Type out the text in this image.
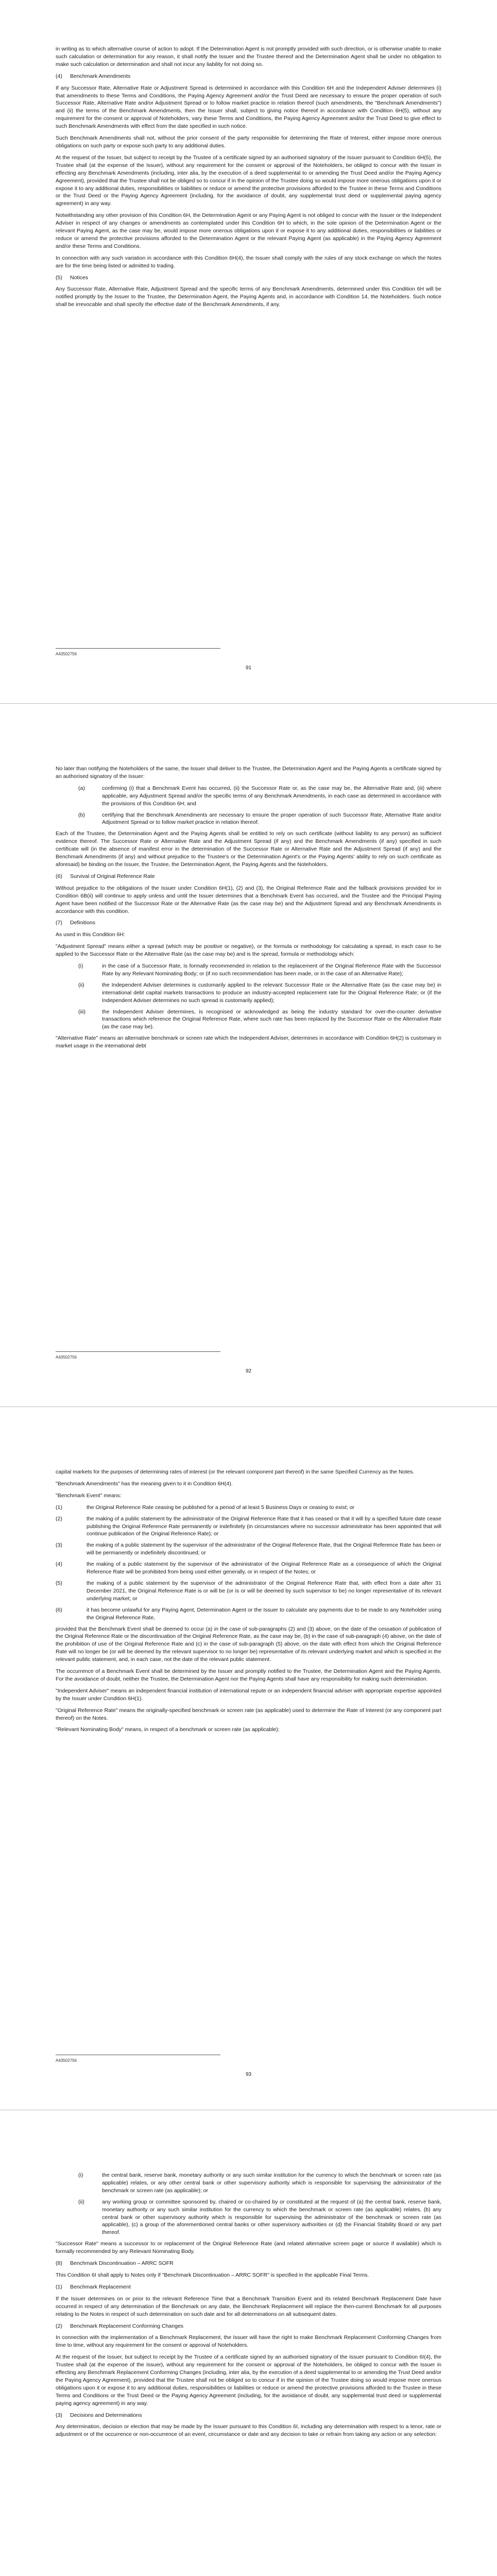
in writing as to which alternative course of action to adopt. If the Determination Agent is not promptly provided with such direction, or is otherwise unable to make such calculation or determination for any reason, it shall notify the Issuer and the Trustee thereof and the Determination Agent shall be under no obligation to make such calculation or determination and shall not incur any liability for not doing so.

(4) Benchmark Amendments

If any Successor Rate, Alternative Rate or Adjustment Spread is determined in accordance with this Condition 6H and the Independent Adviser determines (i) that amendments to these Terms and Conditions, the Paying Agency Agreement and/or the Trust Deed are necessary to ensure the proper operation of such Successor Rate, Alternative Rate and/or Adjustment Spread or to follow market practice in relation thereof (such amendments, the "Benchmark Amendments") and (ii) the terms of the Benchmark Amendments, then the Issuer shall, subject to giving notice thereof in accordance with Condition 6H(5), without any requirement for the consent or approval of Noteholders, vary these Terms and Conditions, the Paying Agency Agreement and/or the Trust Deed to give effect to such Benchmark Amendments with effect from the date specified in such notice.

Such Benchmark Amendments shall not, without the prior consent of the party responsible for determining the Rate of Interest, either impose more onerous obligations on such party or expose such party to any additional duties.

At the request of the Issuer, but subject to receipt by the Trustee of a certificate signed by an authorised signatory of the Issuer pursuant to Condition 6H(5), the Trustee shall (at the expense of the Issuer), without any requirement for the consent or approval of the Noteholders, be obliged to concur with the Issuer in effecting any Benchmark Amendments (including, inter alia, by the execution of a deed supplemental to or amending the Trust Deed and/or the Paying Agency Agreement), provided that the Trustee shall not be obliged so to concur if in the opinion of the Trustee doing so would impose more onerous obligations upon it or expose it to any additional duties, responsibilities or liabilities or reduce or amend the protective provisions afforded to the Trustee in these Terms and Conditions or the Trust Deed or the Paying Agency Agreement (including, for the avoidance of doubt, any supplemental trust deed or supplemental paying agency agreement) in any way.

Notwithstanding any other provision of this Condition 6H, the Determination Agent or any Paying Agent is not obliged to concur with the Issuer or the Independent Adviser in respect of any changes or amendments as contemplated under this Condition 6H to which, in the sole opinion of the Determination Agent or the relevant Paying Agent, as the case may be, would impose more onerous obligations upon it or expose it to any additional duties, responsibilities or liabilities or reduce or amend the protective provisions afforded to the Determination Agent or the relevant Paying Agent (as applicable) in the Paying Agency Agreement and/or these Terms and Conditions.

In connection with any such variation in accordance with this Condition 6H(4), the Issuer shall comply with the rules of any stock exchange on which the Notes are for the time being listed or admitted to trading.

(5) Notices

Any Successor Rate, Alternative Rate, Adjustment Spread and the specific terms of any Benchmark Amendments, determined under this Condition 6H will be notified promptly by the Issuer to the Trustee, the Determination Agent, the Paying Agents and, in accordance with Condition 14, the Noteholders. Such notice shall be irrevocable and shall specify the effective date of the Benchmark Amendments, if any.

A43502756
91

No later than notifying the Noteholders of the same, the Issuer shall deliver to the Trustee, the Determination Agent and the Paying Agents a certificate signed by an authorised signatory of the Issuer:

(a)	confirming (i) that a Benchmark Event has occurred, (ii) the Successor Rate or, as the case may be, the Alternative Rate and, (iii) where applicable, any Adjustment Spread and/or the specific terms of any Benchmark Amendments, in each case as determined in accordance with the provisions of this Condition 6H; and
(b)	certifying that the Benchmark Amendments are necessary to ensure the proper operation of such Successor Rate, Alternative Rate and/or Adjustment Spread or to follow market practice in relation thereof.

Each of the Trustee, the Determination Agent and the Paying Agents shall be entitled to rely on such certificate (without liability to any person) as sufficient evidence thereof. The Successor Rate or Alternative Rate and the Adjustment Spread (if any) and the Benchmark Amendments (if any) specified in such certificate will (in the absence of manifest error in the determination of the Successor Rate or Alternative Rate and the Adjustment Spread (if any) and the Benchmark Amendments (if any) and without prejudice to the Trustee's or the Determination Agent's or the Paying Agents' ability to rely on such certificate as aforesaid) be binding on the Issuer, the Trustee, the Determination Agent, the Paying Agents and the Noteholders.

(6) Survival of Original Reference Rate

Without prejudice to the obligations of the Issuer under Condition 6H(1), (2) and (3), the Original Reference Rate and the fallback provisions provided for in Condition 6B(ii) will continue to apply unless and until the Issuer determines that a Benchmark Event has occurred, and the Trustee and the Principal Paying Agent have been notified of the Successor Rate or the Alternative Rate (as the case may be) and the Adjustment Spread and any Benchmark Amendments in accordance with this condition.

(7) Definitions

As used in this Condition 6H:

"Adjustment Spread" means either a spread (which may be positive or negative), or the formula or methodology for calculating a spread, in each case to be applied to the Successor Rate or the Alternative Rate (as the case may be) and is the spread, formula or methodology which:

(i)	in the case of a Successor Rate, is formally recommended in relation to the replacement of the Original Reference Rate with the Successor Rate by any Relevant Nominating Body; or (if no such recommendation has been made, or in the case of an Alternative Rate);
(ii)	the Independent Adviser determines is customarily applied to the relevant Successor Rate or the Alternative Rate (as the case may be) in international debt capital markets transactions to produce an industry-accepted replacement rate for the Original Reference Rate; or (if the Independent Adviser determines no such spread is customarily applied);
(iii)	the Independent Adviser determines, is recognised or acknowledged as being the industry standard for over-the-counter derivative transactions which reference the Original Reference Rate, where such rate has been replaced by the Successor Rate or the Alternative Rate (as the case may be).

"Alternative Rate" means an alternative benchmark or screen rate which the Independent Adviser, determines in accordance with Condition 6H(2) is customary in market usage in the international debt

A43502756
92

capital markets for the purposes of determining rates of interest (or the relevant component part thereof) in the same Specified Currency as the Notes.

"Benchmark Amendments" has the meaning given to it in Condition 6H(4).

"Benchmark Event" means:

(1)	the Original Reference Rate ceasing be published for a period of at least 5 Business Days or ceasing to exist; or
(2)	the making of a public statement by the administrator of the Original Reference Rate that it has ceased or that it will by a specified future date cease publishing the Original Reference Rate permanently or indefinitely (in circumstances where no successor administrator has been appointed that will continue publication of the Original Reference Rate); or
(3)	the making of a public statement by the supervisor of the administrator of the Original Reference Rate, that the Original Reference Rate has been or will be permanently or indefinitely discontinued; or
(4)	the making of a public statement by the supervisor of the administrator of the Original Reference Rate as a consequence of which the Original Reference Rate will be prohibited from being used either generally, or in respect of the Notes; or
(5)	the making of a public statement by the supervisor of the administrator of the Original Reference Rate that, with effect from a date after 31 December 2021, the Original Reference Rate is or will be (or is or will be deemed by such supervisor to be) no longer representative of its relevant underlying market; or
(6)	it has become unlawful for any Paying Agent, Determination Agent or the Issuer to calculate any payments due to be made to any Noteholder using the Original Reference Rate,

provided that the Benchmark Event shall be deemed to occur (a) in the case of sub-paragraphs (2) and (3) above, on the date of the cessation of publication of the Original Reference Rate or the discontinuation of the Original Reference Rate, as the case may be, (b) in the case of sub-paragraph (4) above, on the date of the prohibition of use of the Original Reference Rate and (c) in the case of sub-paragraph (5) above, on the date with effect from which the Original Reference Rate will no longer be (or will be deemed by the relevant supervisor to no longer be) representative of its relevant underlying market and which is specified in the relevant public statement, and, in each case, not the date of the relevant public statement.

The occurrence of a Benchmark Event shall be determined by the Issuer and promptly notified to the Trustee, the Determination Agent and the Paying Agents. For the avoidance of doubt, neither the Trustee, the Determination Agent nor the Paying Agents shall have any responsibility for making such determination.

"Independent Adviser" means an independent financial institution of international repute or an independent financial adviser with appropriate expertise appointed by the Issuer under Condition 6H(1).

"Original Reference Rate" means the originally-specified benchmark or screen rate (as applicable) used to determine the Rate of Interest (or any component part thereof) on the Notes.

"Relevant Nominating Body" means, in respect of a benchmark or screen rate (as applicable):

A43502756
93
(i)	the central bank, reserve bank, monetary authority or any such similar institution for the currency to which the benchmark or screen rate (as applicable) relates, or any other central bank or other supervisory authority which is responsible for supervising the administrator of the benchmark or screen rate (as applicable); or
(ii)	any working group or committee sponsored by, chaired or co-chaired by or constituted at the request of (a) the central bank, reserve bank, monetary authority or any such similar institution for the currency to which the benchmark or screen rate (as applicable) relates, (b) any central bank or other supervisory authority which is responsible for supervising the administrator of the benchmark or screen rate (as applicable), (c) a group of the aforementioned central banks or other supervisory authorities or (d) the Financial Stability Board or any part thereof.

"Successor Rate" means a successor to or replacement of the Original Reference Rate (and related alternative screen page or source if available) which is formally recommended by any Relevant Nominating Body.

(8) Benchmark Discontinuation – ARRC SOFR

This Condition 6I shall apply to Notes only if "Benchmark Discontinuation – ARRC SOFR" is specified in the applicable Final Terms.

(1) Benchmark Replacement

If the Issuer determines on or prior to the relevant Reference Time that a Benchmark Transition Event and its related Benchmark Replacement Date have occurred in respect of any determination of the Benchmark on any date, the Benchmark Replacement will replace the then-current Benchmark for all purposes relating to the Notes in respect of such determination on such date and for all determinations on all subsequent dates.

(2) Benchmark Replacement Conforming Changes

In connection with the implementation of a Benchmark Replacement, the Issuer will have the right to make Benchmark Replacement Conforming Changes from time to time, without any requirement for the consent or approval of Noteholders.

At the request of the Issuer, but subject to receipt by the Trustee of a certificate signed by an authorised signatory of the Issuer pursuant to Condition 6I(4), the Trustee shall (at the expense of the Issuer), without any requirement for the consent or approval of the Noteholders, be obliged to concur with the Issuer in effecting any Benchmark Replacement Conforming Changes (including, inter alia, by the execution of a deed supplemental to or amending the Trust Deed and/or the Paying Agency Agreement), provided that the Trustee shall not be obliged so to concur if in the opinion of the Trustee doing so would impose more onerous obligations upon it or expose it to any additional duties, responsibilities or liabilities or reduce or amend the protective provisions afforded to the Trustee in these Terms and Conditions or the Trust Deed or the Paying Agency Agreement (including, for the avoidance of doubt, any supplemental trust deed or supplemental paying agency agreement) in any way.

(3) Decisions and Determinations

Any determination, decision or election that may be made by the Issuer pursuant to this Condition 6I, including any determination with respect to a tenor, rate or adjustment or of the occurrence or non-occurrence of an event, circumstance or date and any decision to take or refrain from taking any action or any selection:
